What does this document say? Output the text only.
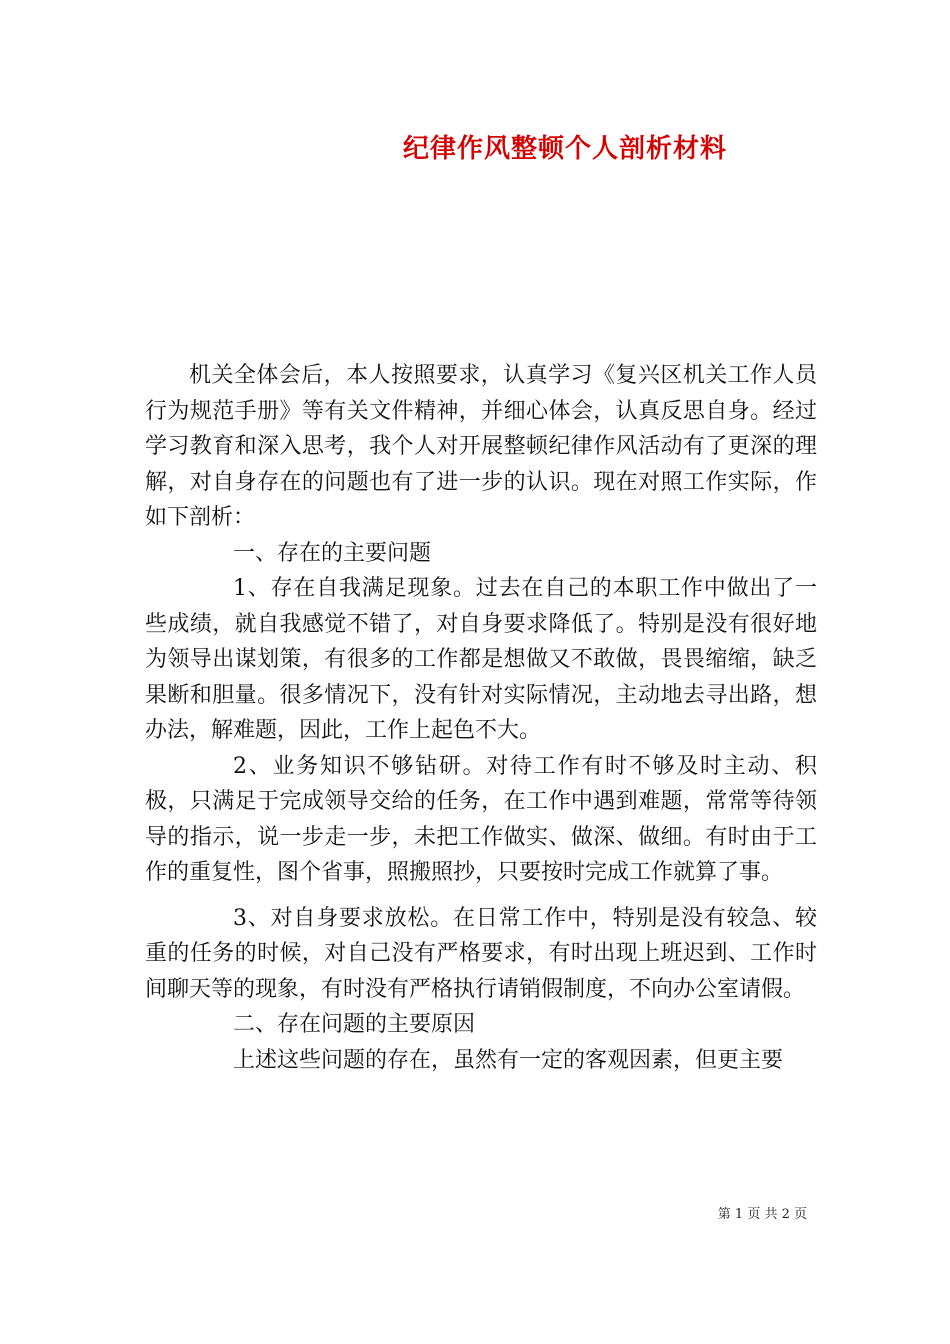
纪律作风整顿个人剖析材料

机关全体会后，本人按照要求，认真学习《复兴区机关工作人员行为规范手册》等有关文件精神，并细心体会，认真反思自身。经过学习教育和深入思考，我个人对开展整顿纪律作风活动有了更深的理解，对自身存在的问题也有了进一步的认识。现在对照工作实际，作如下剖析：

一、存在的主要问题

1、存在自我满足现象。过去在自己的本职工作中做出了一些成绩，就自我感觉不错了，对自身要求降低了。特别是没有很好地为领导出谋划策，有很多的工作都是想做又不敢做，畏畏缩缩，缺乏果断和胆量。很多情况下，没有针对实际情况，主动地去寻出路，想办法，解难题，因此，工作上起色不大。

2、业务知识不够钻研。对待工作有时不够及时主动、积极，只满足于完成领导交给的任务，在工作中遇到难题，常常等待领导的指示，说一步走一步，未把工作做实、做深、做细。有时由于工作的重复性，图个省事，照搬照抄，只要按时完成工作就算了事。

3、对自身要求放松。在日常工作中，特别是没有较急、较重的任务的时候，对自己没有严格要求，有时出现上班迟到、工作时间聊天等的现象，有时没有严格执行请销假制度，不向办公室请假。

二、存在问题的主要原因

上述这些问题的存在，虽然有一定的客观因素，但更主要

第 1 页 共 2 页
